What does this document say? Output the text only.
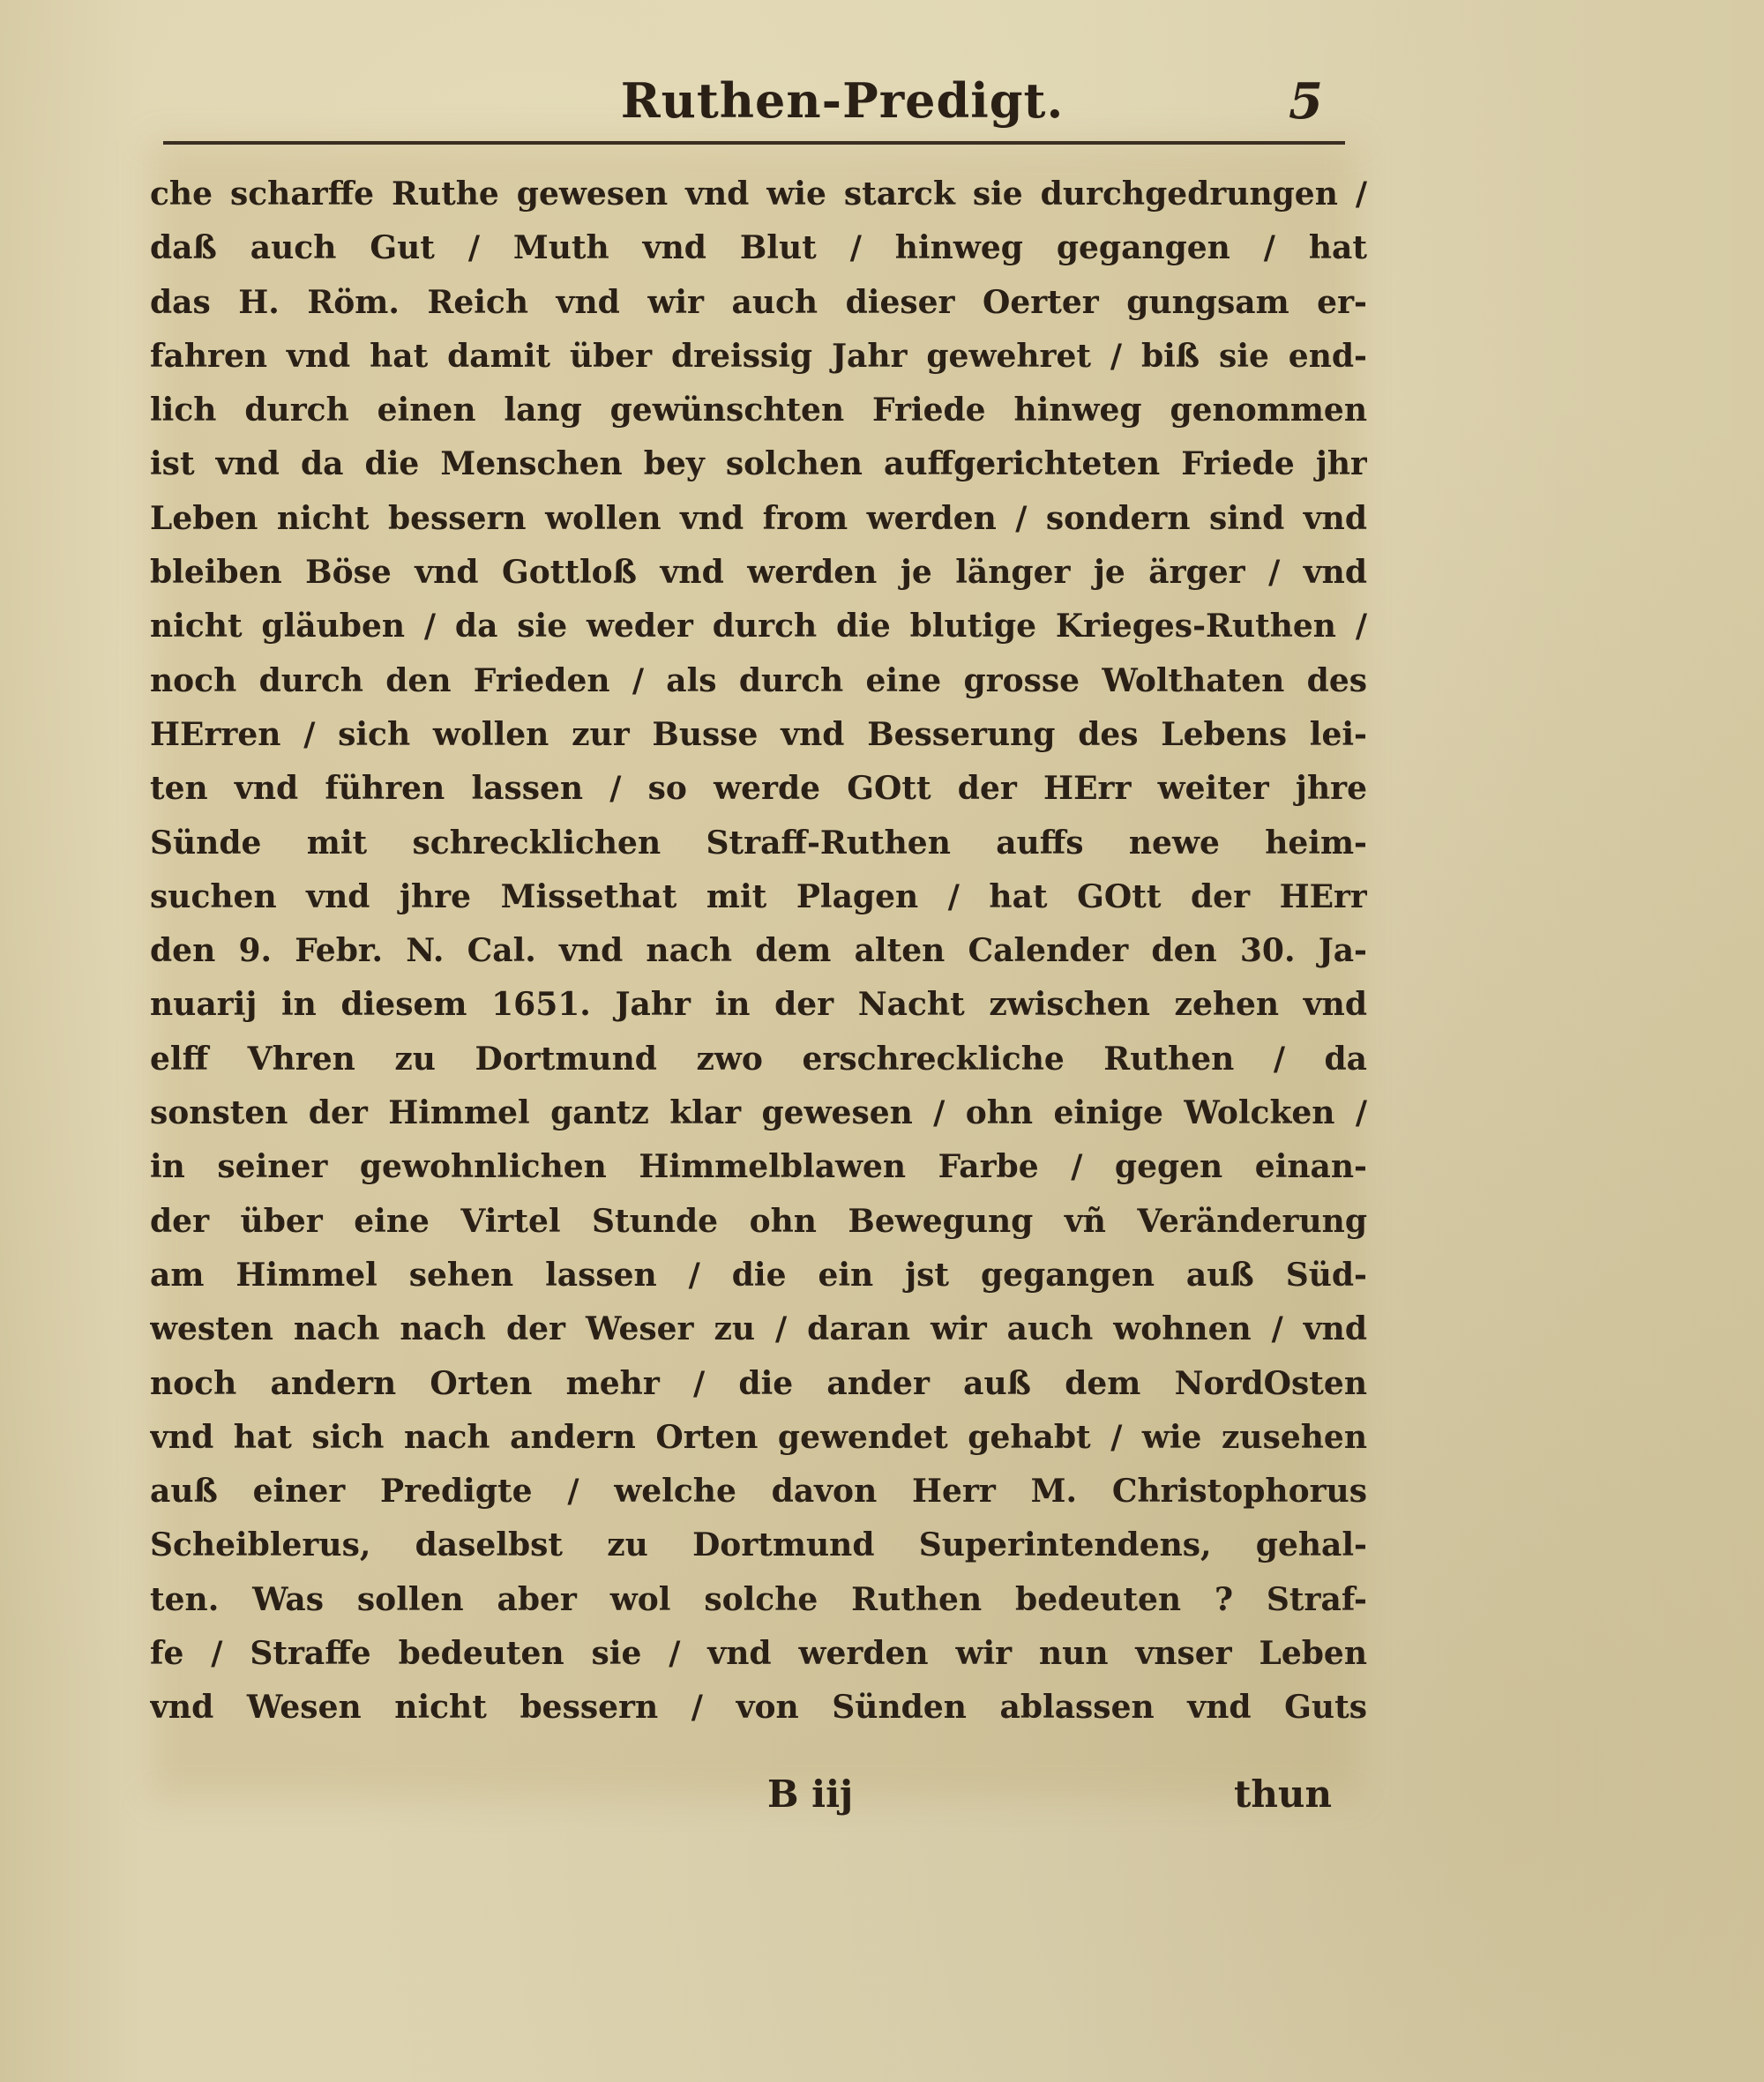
Ruthen-Predigt.	5
che scharffe Ruthe gewesen vnd wie starck sie durchgedrungen /
daß auch Gut / Muth vnd Blut / hinweg gegangen / hat
das H. Röm. Reich vnd wir auch dieser Oerter gungsam er-
fahren vnd hat damit über dreissig Jahr gewehret / biß sie end-
lich durch einen lang gewünschten Friede hinweg genommen
ist vnd da die Menschen bey solchen auffgerichteten Friede jhr
Leben nicht bessern wollen vnd from werden / sondern sind vnd
bleiben Böse vnd Gottloß vnd werden je länger je ärger / vnd
nicht gläuben / da sie weder durch die blutige Krieges-Ruthen /
noch durch den Frieden / als durch eine grosse Wolthaten des
HErren / sich wollen zur Busse vnd Besserung des Lebens lei-
ten vnd führen lassen / so werde GOtt der HErr weiter jhre
Sünde mit schrecklichen Straff-Ruthen auffs newe heim-
suchen vnd jhre Missethat mit Plagen / hat GOtt der HErr
den 9. Febr. N. Cal. vnd nach dem alten Calender den 30. Ja-
nuarij in diesem 1651. Jahr in der Nacht zwischen zehen vnd
elff Vhren zu Dortmund zwo erschreckliche Ruthen / da
sonsten der Himmel gantz klar gewesen / ohn einige Wolcken /
in seiner gewohnlichen Himmelblawen Farbe / gegen einan-
der über eine Virtel Stunde ohn Bewegung vñ Veränderung
am Himmel sehen lassen / die ein jst gegangen auß Süd-
westen nach nach der Weser zu / daran wir auch wohnen / vnd
noch andern Orten mehr / die ander auß dem NordOsten
vnd hat sich nach andern Orten gewendet gehabt / wie zusehen
auß einer Predigte / welche davon Herr M. Christophorus
Scheiblerus, daselbst zu Dortmund Superintendens, gehal-
ten. Was sollen aber wol solche Ruthen bedeuten ? Straf-
fe / Straffe bedeuten sie / vnd werden wir nun vnser Leben
vnd Wesen nicht bessern / von Sünden ablassen vnd Guts
B iij	thun
